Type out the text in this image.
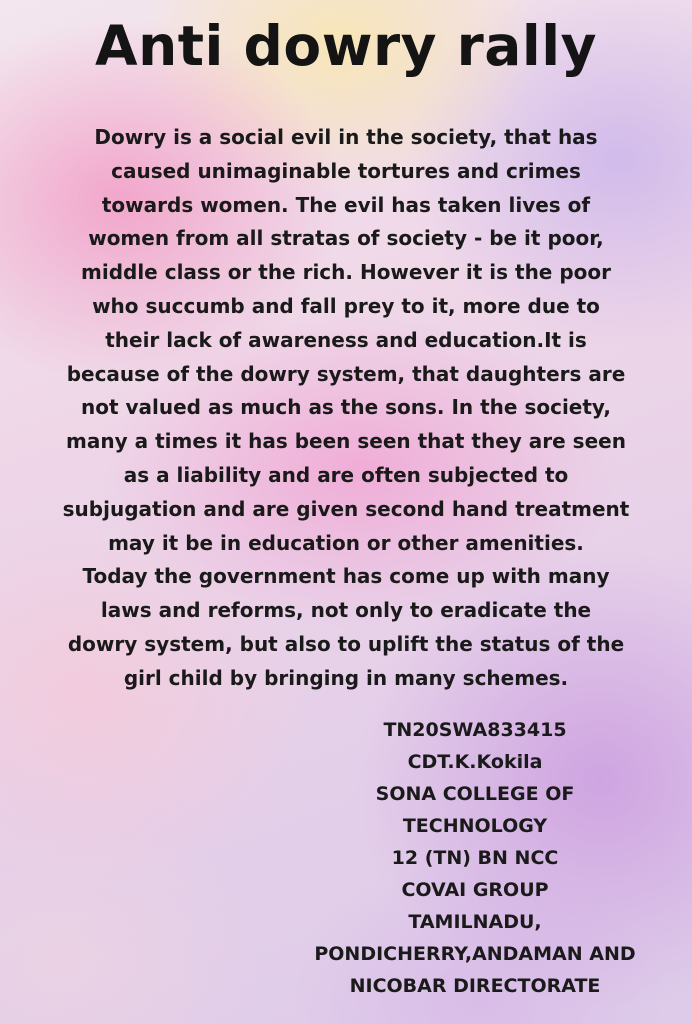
Anti dowry rally
Dowry is a social evil in the society, that has
caused unimaginable tortures and crimes
towards women. The evil has taken lives of
women from all stratas of society - be it poor,
middle class or the rich. However it is the poor
who succumb and fall prey to it, more due to
their lack of awareness and education.It is
because of the dowry system, that daughters are
not valued as much as the sons. In the society,
many a times it has been seen that they are seen
as a liability and are often subjected to
subjugation and are given second hand treatment
may it be in education or other amenities.
Today the government has come up with many
laws and reforms, not only to eradicate the
dowry system, but also to uplift the status of the
girl child by bringing in many schemes.
TN20SWA833415
CDT.K.Kokila
SONA COLLEGE OF
TECHNOLOGY
12 (TN) BN NCC
COVAI GROUP
TAMILNADU,
PONDICHERRY,ANDAMAN AND
NICOBAR DIRECTORATE
